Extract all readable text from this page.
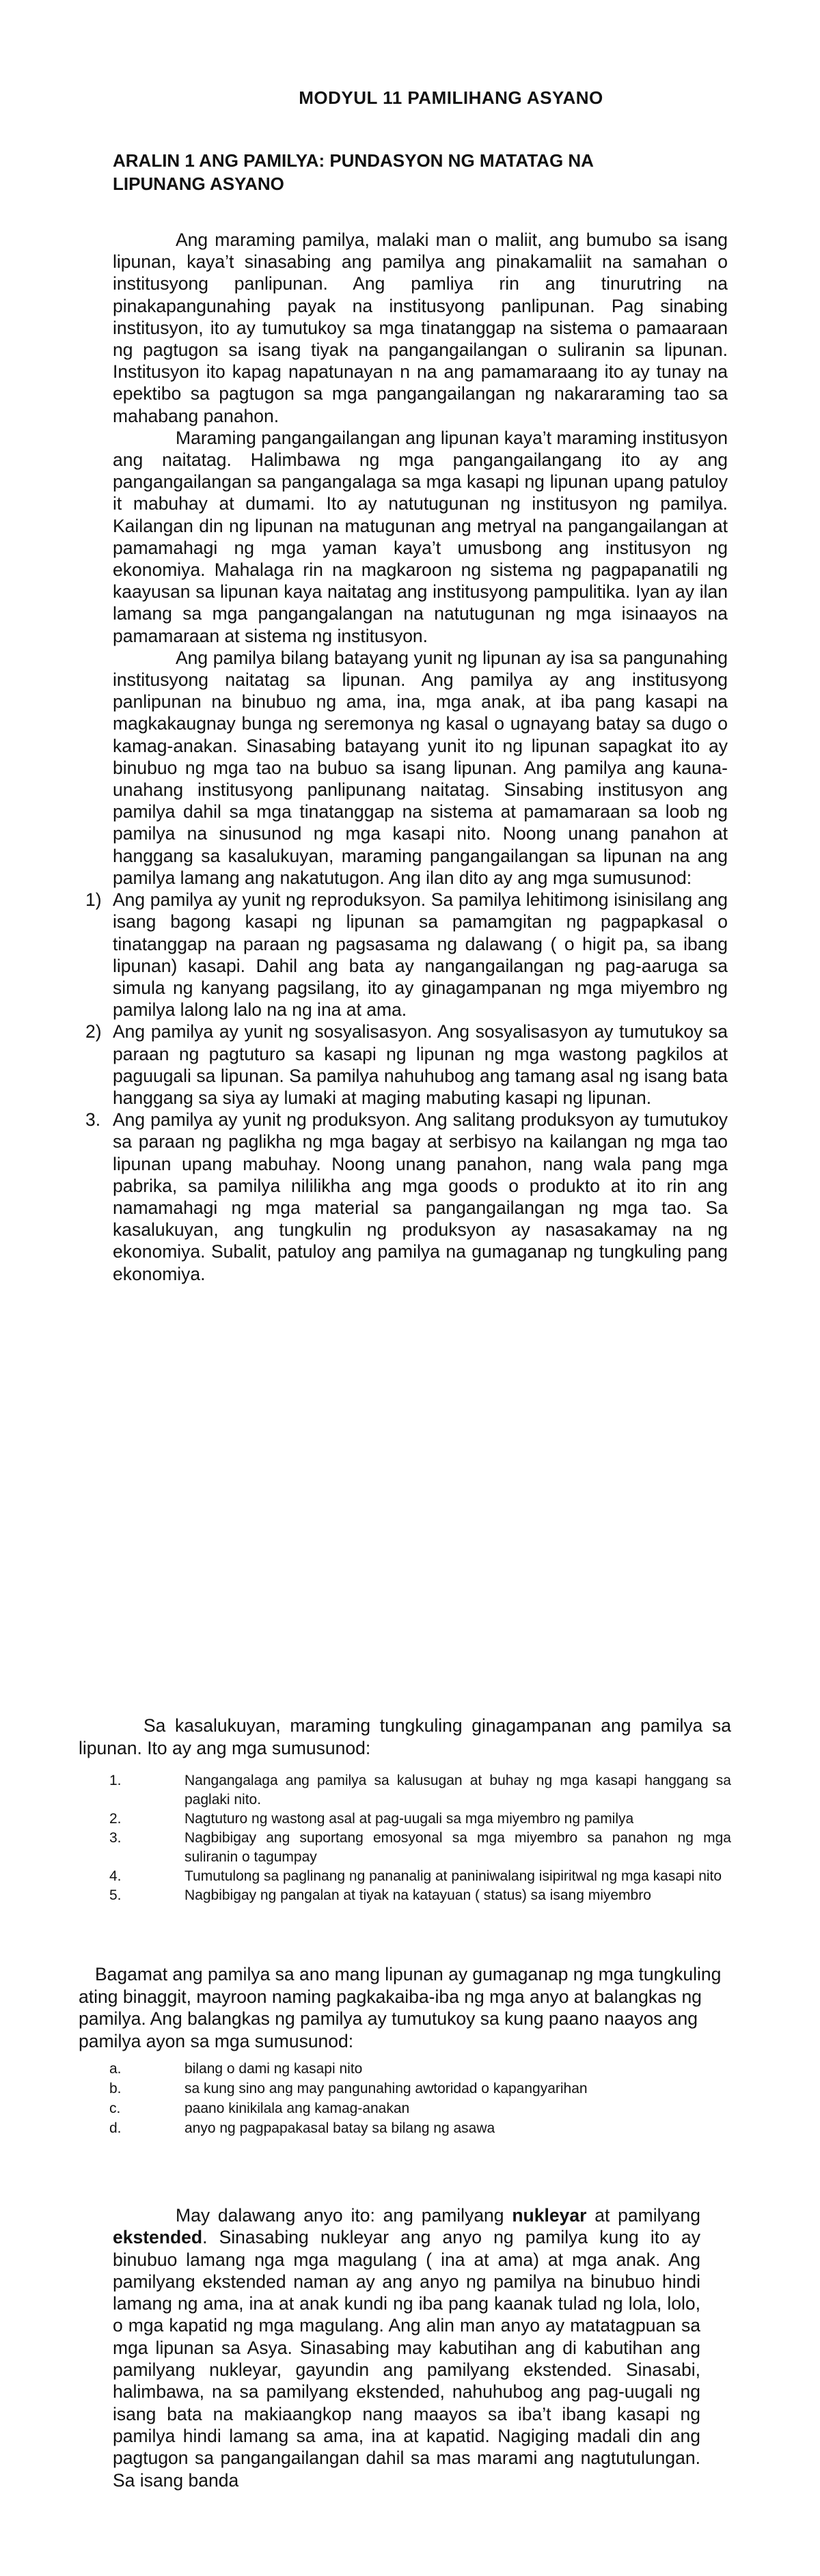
MODYUL 11 PAMILIHANG ASYANO
ARALIN 1 ANG PAMILYA: PUNDASYON NG MATATAG NA LIPUNANG ASYANO

Ang maraming pamilya, malaki man o maliit, ang bumubo sa isang lipunan, kaya’t sinasabing ang pamilya ang pinakamaliit na samahan o institusyong panlipunan. Ang pamliya rin ang tinurutring na pinakapangunahing payak na institusyong panlipunan. Pag sinabing institusyon, ito ay tumutukoy sa mga tinatanggap na sistema o pamaaraan ng pagtugon sa isang tiyak na pangangailangan o suliranin sa lipunan. Institusyon ito kapag napatunayan n na ang pamamaraang ito ay tunay na epektibo sa pagtugon sa mga pangangailangan ng nakararaming tao sa mahabang panahon.

Maraming pangangailangan ang lipunan kaya’t maraming institusyon ang naitatag. Halimbawa ng mga pangangailangang ito ay ang pangangailangan sa pangangalaga sa mga kasapi ng lipunan upang patuloy it mabuhay at dumami. Ito ay natutugunan ng institusyon ng pamilya. Kailangan din ng lipunan na matugunan ang metryal na pangangailangan at pamamahagi ng mga yaman kaya’t umusbong ang institusyon ng ekonomiya. Mahalaga rin na magkaroon ng sistema ng pagpapanatili ng kaayusan sa lipunan kaya naitatag ang institusyong pampulitika. Iyan ay ilan lamang sa mga pangangalangan na natutugunan ng mga isinaayos na pamamaraan at sistema ng institusyon.

Ang pamilya bilang batayang yunit ng lipunan ay isa sa pangunahing institusyong naitatag sa lipunan. Ang pamilya ay ang institusyong panlipunan na binubuo ng ama, ina, mga anak, at iba pang kasapi na magkakaugnay bunga ng seremonya ng kasal o ugnayang batay sa dugo o kamag-anakan. Sinasabing batayang yunit ito ng lipunan sapagkat ito ay binubuo ng mga tao na bubuo sa isang lipunan. Ang pamilya ang kauna-unahang institusyong panlipunang naitatag. Sinsabing institusyon ang pamilya dahil sa mga tinatanggap na sistema at pamamaraan sa loob ng pamilya na sinusunod ng mga kasapi nito. Noong unang panahon at hanggang sa kasalukuyan, maraming pangangailangan sa lipunan na ang pamilya lamang ang nakatutugon. Ang ilan dito ay ang mga sumusunod:

1) Ang pamilya ay yunit ng reproduksyon. Sa pamilya lehitimong isinisilang ang isang bagong kasapi ng lipunan sa pamamgitan ng pagpapkasal o tinatanggap na paraan ng pagsasama ng dalawang ( o higit pa, sa ibang lipunan) kasapi. Dahil ang bata ay nangangailangan ng pag-aaruga sa simula ng kanyang pagsilang, ito ay ginagampanan ng mga miyembro ng pamilya lalong lalo na ng ina at ama.
2) Ang pamilya ay yunit ng sosyalisasyon. Ang sosyalisasyon ay tumutukoy sa paraan ng pagtuturo sa kasapi ng lipunan ng mga wastong pagkilos at paguugali sa lipunan. Sa pamilya nahuhubog ang tamang asal ng isang bata hanggang sa siya ay lumaki at maging mabuting kasapi ng lipunan.
3. Ang pamilya ay yunit ng produksyon. Ang salitang produksyon ay tumutukoy sa paraan ng paglikha ng mga bagay at serbisyo na kailangan ng mga tao lipunan upang mabuhay. Noong unang panahon, nang wala pang mga pabrika, sa pamilya nililikha ang mga goods o produkto at ito rin ang namamahagi ng mga material sa pangangailangan ng mga tao. Sa kasalukuyan, ang tungkulin ng produksyon ay nasasakamay na ng ekonomiya. Subalit, patuloy ang pamilya na gumaganap ng tungkuling pang ekonomiya.

Sa kasalukuyan, maraming tungkuling ginagampanan ang pamilya sa lipunan. Ito ay ang mga sumusunod:

1.	Nangangalaga ang pamilya sa kalusugan at buhay ng mga kasapi hanggang sa paglaki nito.
2.	Nagtuturo ng wastong asal at pag-uugali sa mga miyembro ng pamilya
3.	Nagbibigay ang suportang emosyonal sa mga miyembro sa panahon ng mga suliranin o tagumpay
4.	Tumutulong sa paglinang ng pananalig at paniniwalang isipiritwal ng mga kasapi nito
5.	Nagbibigay ng pangalan at tiyak na katayuan ( status) sa isang miyembro

Bagamat ang pamilya sa ano mang lipunan ay gumaganap ng mga tungkuling ating binaggit, mayroon naming pagkakaiba-iba ng mga anyo at balangkas ng pamilya. Ang balangkas ng pamilya ay tumutukoy sa kung paano naayos ang pamilya ayon sa mga sumusunod:

a.	bilang o dami ng kasapi nito
b.	sa kung sino ang may pangunahing awtoridad o kapangyarihan
c.	paano kinikilala ang kamag-anakan
d.	anyo ng pagpapakasal batay sa bilang ng asawa

May dalawang anyo ito: ang pamilyang nukleyar at pamilyang ekstended. Sinasabing nukleyar ang anyo ng pamilya kung ito ay binubuo lamang nga mga magulang ( ina at ama) at mga anak. Ang pamilyang ekstended naman ay ang anyo ng pamilya na binubuo hindi lamang ng ama, ina at anak kundi ng iba pang kaanak tulad ng lola, lolo, o mga kapatid ng mga magulang. Ang alin man anyo ay matatagpuan sa mga lipunan sa Asya. Sinasabing may kabutihan ang di kabutihan ang pamilyang nukleyar, gayundin ang pamilyang ekstended. Sinasabi, halimbawa, na sa pamilyang ekstended, nahuhubog ang pag-uugali ng isang bata na makiaangkop nang maayos sa iba’t ibang kasapi ng pamilya hindi lamang sa ama, ina at kapatid. Nagiging madali din ang pagtugon sa pangangailangan dahil sa mas marami ang nagtutulungan. Sa isang banda
